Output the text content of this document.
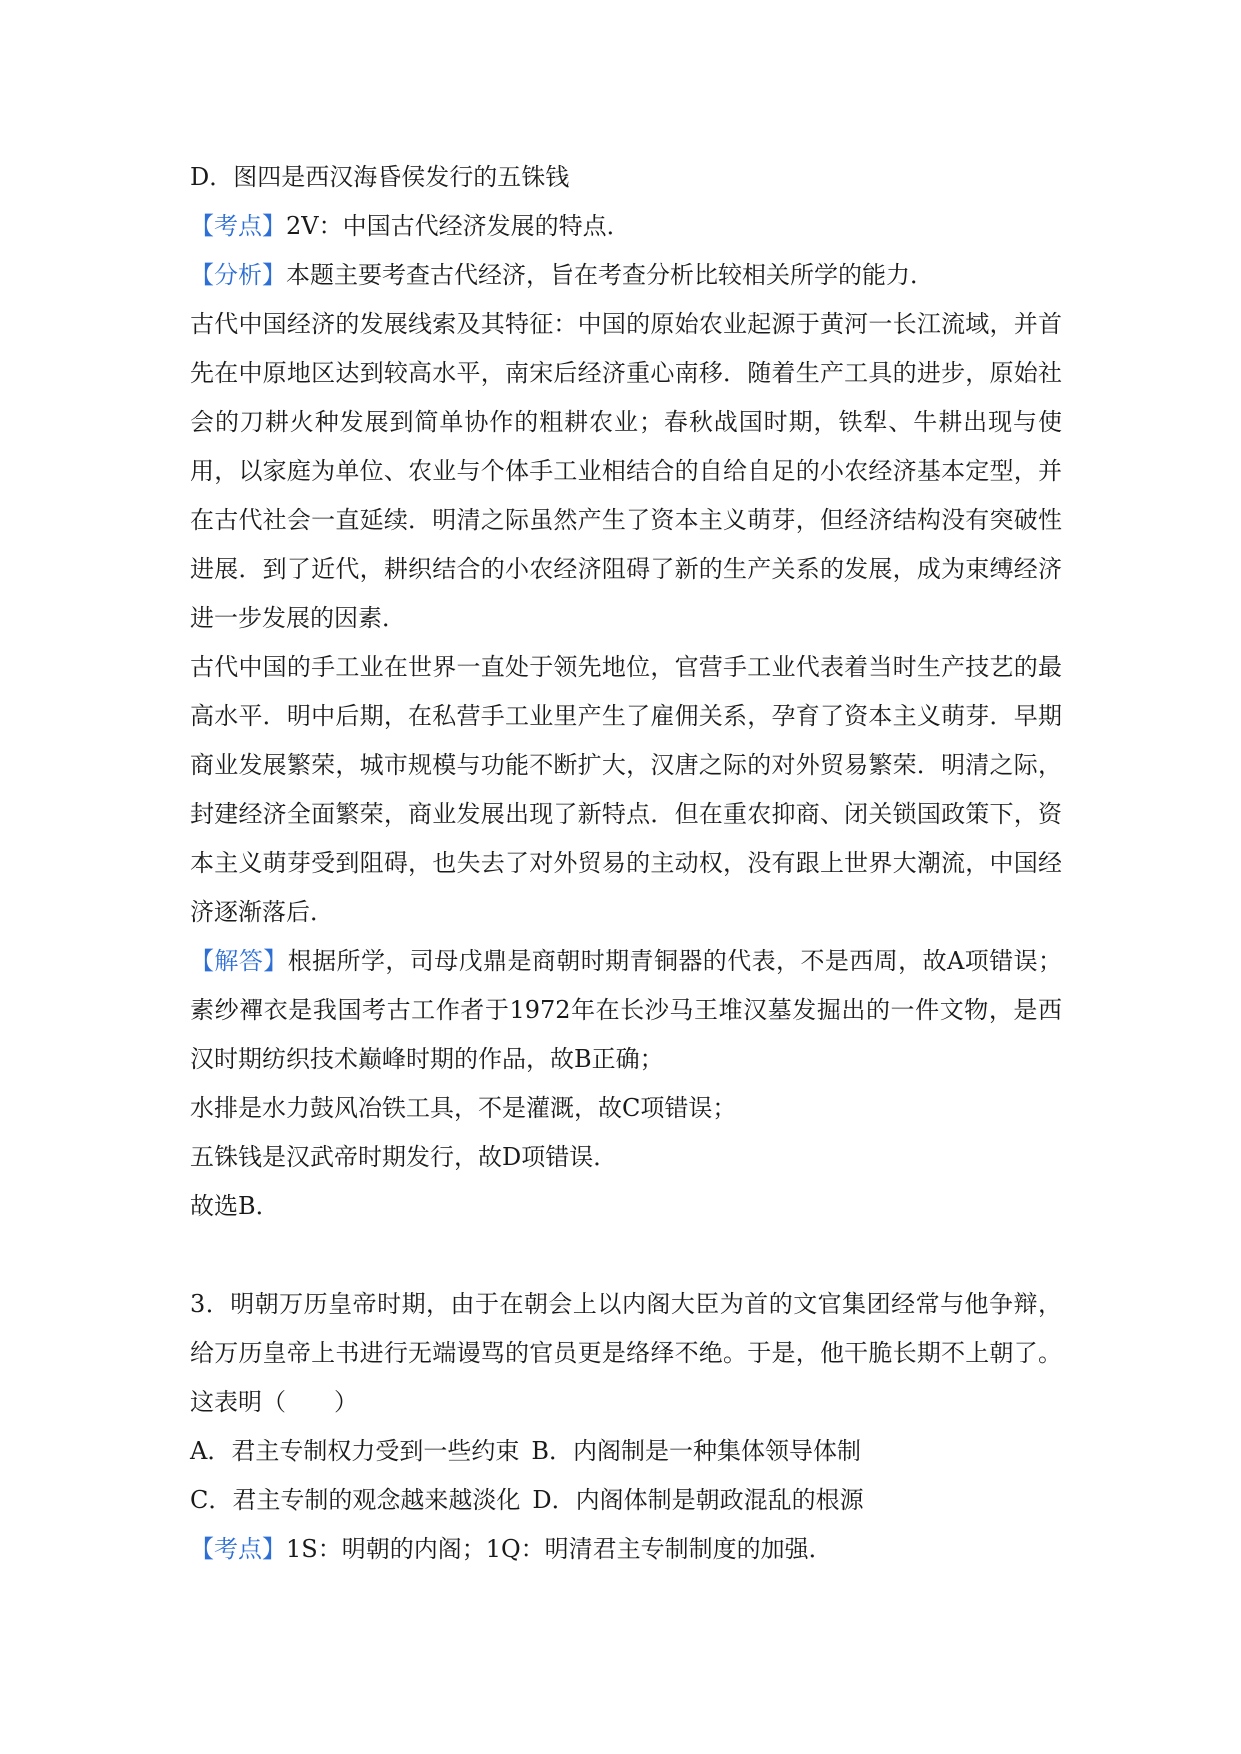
D．图四是西汉海昏侯发行的五铢钱

【考点】2V：中国古代经济发展的特点．

【分析】本题主要考查古代经济，旨在考查分析比较相关所学的能力．

古代中国经济的发展线索及其特征：中国的原始农业起源于黄河一长江流域，并首先在中原地区达到较高水平，南宋后经济重心南移．随着生产工具的进步，原始社会的刀耕火种发展到简单协作的粗耕农业；春秋战国时期，铁犁、牛耕出现与使用，以家庭为单位、农业与个体手工业相结合的自给自足的小农经济基本定型，并在古代社会一直延续．明清之际虽然产生了资本主义萌芽，但经济结构没有突破性进展．到了近代，耕织结合的小农经济阻碍了新的生产关系的发展，成为束缚经济进一步发展的因素．

古代中国的手工业在世界一直处于领先地位，官营手工业代表着当时生产技艺的最高水平．明中后期，在私营手工业里产生了雇佣关系，孕育了资本主义萌芽．早期商业发展繁荣，城市规模与功能不断扩大，汉唐之际的对外贸易繁荣．明清之际，封建经济全面繁荣，商业发展出现了新特点．但在重农抑商、闭关锁国政策下，资本主义萌芽受到阻碍，也失去了对外贸易的主动权，没有跟上世界大潮流，中国经济逐渐落后．

【解答】根据所学，司母戊鼎是商朝时期青铜器的代表，不是西周，故A项错误；素纱襌衣是我国考古工作者于1972年在长沙马王堆汉墓发掘出的一件文物，是西汉时期纺织技术巅峰时期的作品，故B正确；

水排是水力鼓风冶铁工具，不是灌溉，故C项错误；

五铢钱是汉武帝时期发行，故D项错误．

故选B．

3．明朝万历皇帝时期，由于在朝会上以内阁大臣为首的文官集团经常与他争辩，给万历皇帝上书进行无端谩骂的官员更是络绎不绝。于是，他干脆长期不上朝了。这表明（　　）

A．君主专制权力受到一些约束 B．内阁制是一种集体领导体制
C．君主专制的观念越来越淡化 D．内阁体制是朝政混乱的根源

【考点】1S：明朝的内阁；1Q：明清君主专制制度的加强．
